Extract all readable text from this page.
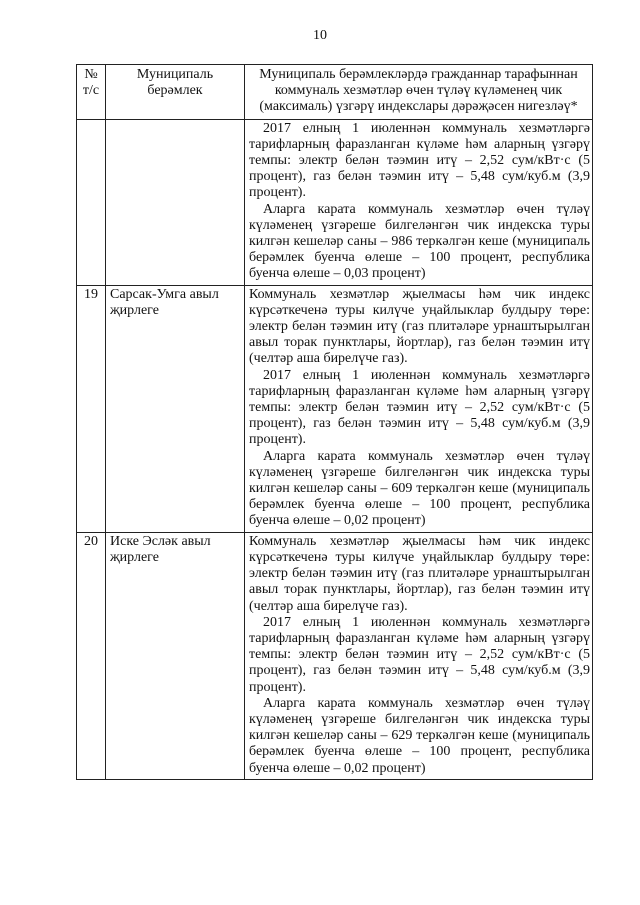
10
№ т/с	Муниципаль берәмлек	Муниципаль берәмлекләрдә гражданнар тарафыннан коммуналь хезмәтләр өчен түләү күләменең чик (максималь) үзгәрү индекслары дәрәҗәсен нигезләү*

		2017 елның 1 июленнән коммуналь хезмәтләргә тарифларның фаразланган күләме һәм аларның үзгәрү темпы: электр белән тәэмин итү – 2,52 сум/кВт·с (5 процент), газ белән тәэмин итү – 5,48 сум/куб.м (3,9 процент).
Аларга карата коммуналь хезмәтләр өчен түләү күләменең үзгәреше билгеләнгән чик индекска туры килгән кешеләр саны – 986 теркәлгән кеше (муниципаль берәмлек буенча өлеше – 100 процент, республика буенча өлеше – 0,03 процент)

19	Сарсак-Умга авыл җирлеге	Коммуналь хезмәтләр җыелмасы һәм чик индекс күрсәткеченә туры килүче уңайлыклар булдыру төре: электр белән тәэмин итү (газ плитәләре урнаштырылган авыл торак пунктлары, йортлар), газ белән тәэмин итү (челтәр аша бирелүче газ).
2017 елның 1 июленнән коммуналь хезмәтләргә тарифларның фаразланган күләме һәм аларның үзгәрү темпы: электр белән тәэмин итү – 2,52 сум/кВт·с (5 процент), газ белән тәэмин итү – 5,48 сум/куб.м (3,9 процент).
Аларга карата коммуналь хезмәтләр өчен түләү күләменең үзгәреше билгеләнгән чик индекска туры килгән кешеләр саны – 609 теркәлгән кеше (муниципаль берәмлек буенча өлеше – 100 процент, республика буенча өлеше – 0,02 процент)

20	Иске Эсләк авыл җирлеге	Коммуналь хезмәтләр җыелмасы һәм чик индекс күрсәткеченә туры килүче уңайлыклар булдыру төре: электр белән тәэмин итү (газ плитәләре урнаштырылган авыл торак пунктлары, йортлар), газ белән тәэмин итү (челтәр аша бирелүче газ).
2017 елның 1 июленнән коммуналь хезмәтләргә тарифларның фаразланган күләме һәм аларның үзгәрү темпы: электр белән тәэмин итү – 2,52 сум/кВт·с (5 процент), газ белән тәэмин итү – 5,48 сум/куб.м (3,9 процент).
Аларга карата коммуналь хезмәтләр өчен түләү күләменең үзгәреше билгеләнгән чик индекска туры килгән кешеләр саны – 629 теркәлгән кеше (муниципаль берәмлек буенча өлеше – 100 процент, республика буенча өлеше – 0,02 процент)
